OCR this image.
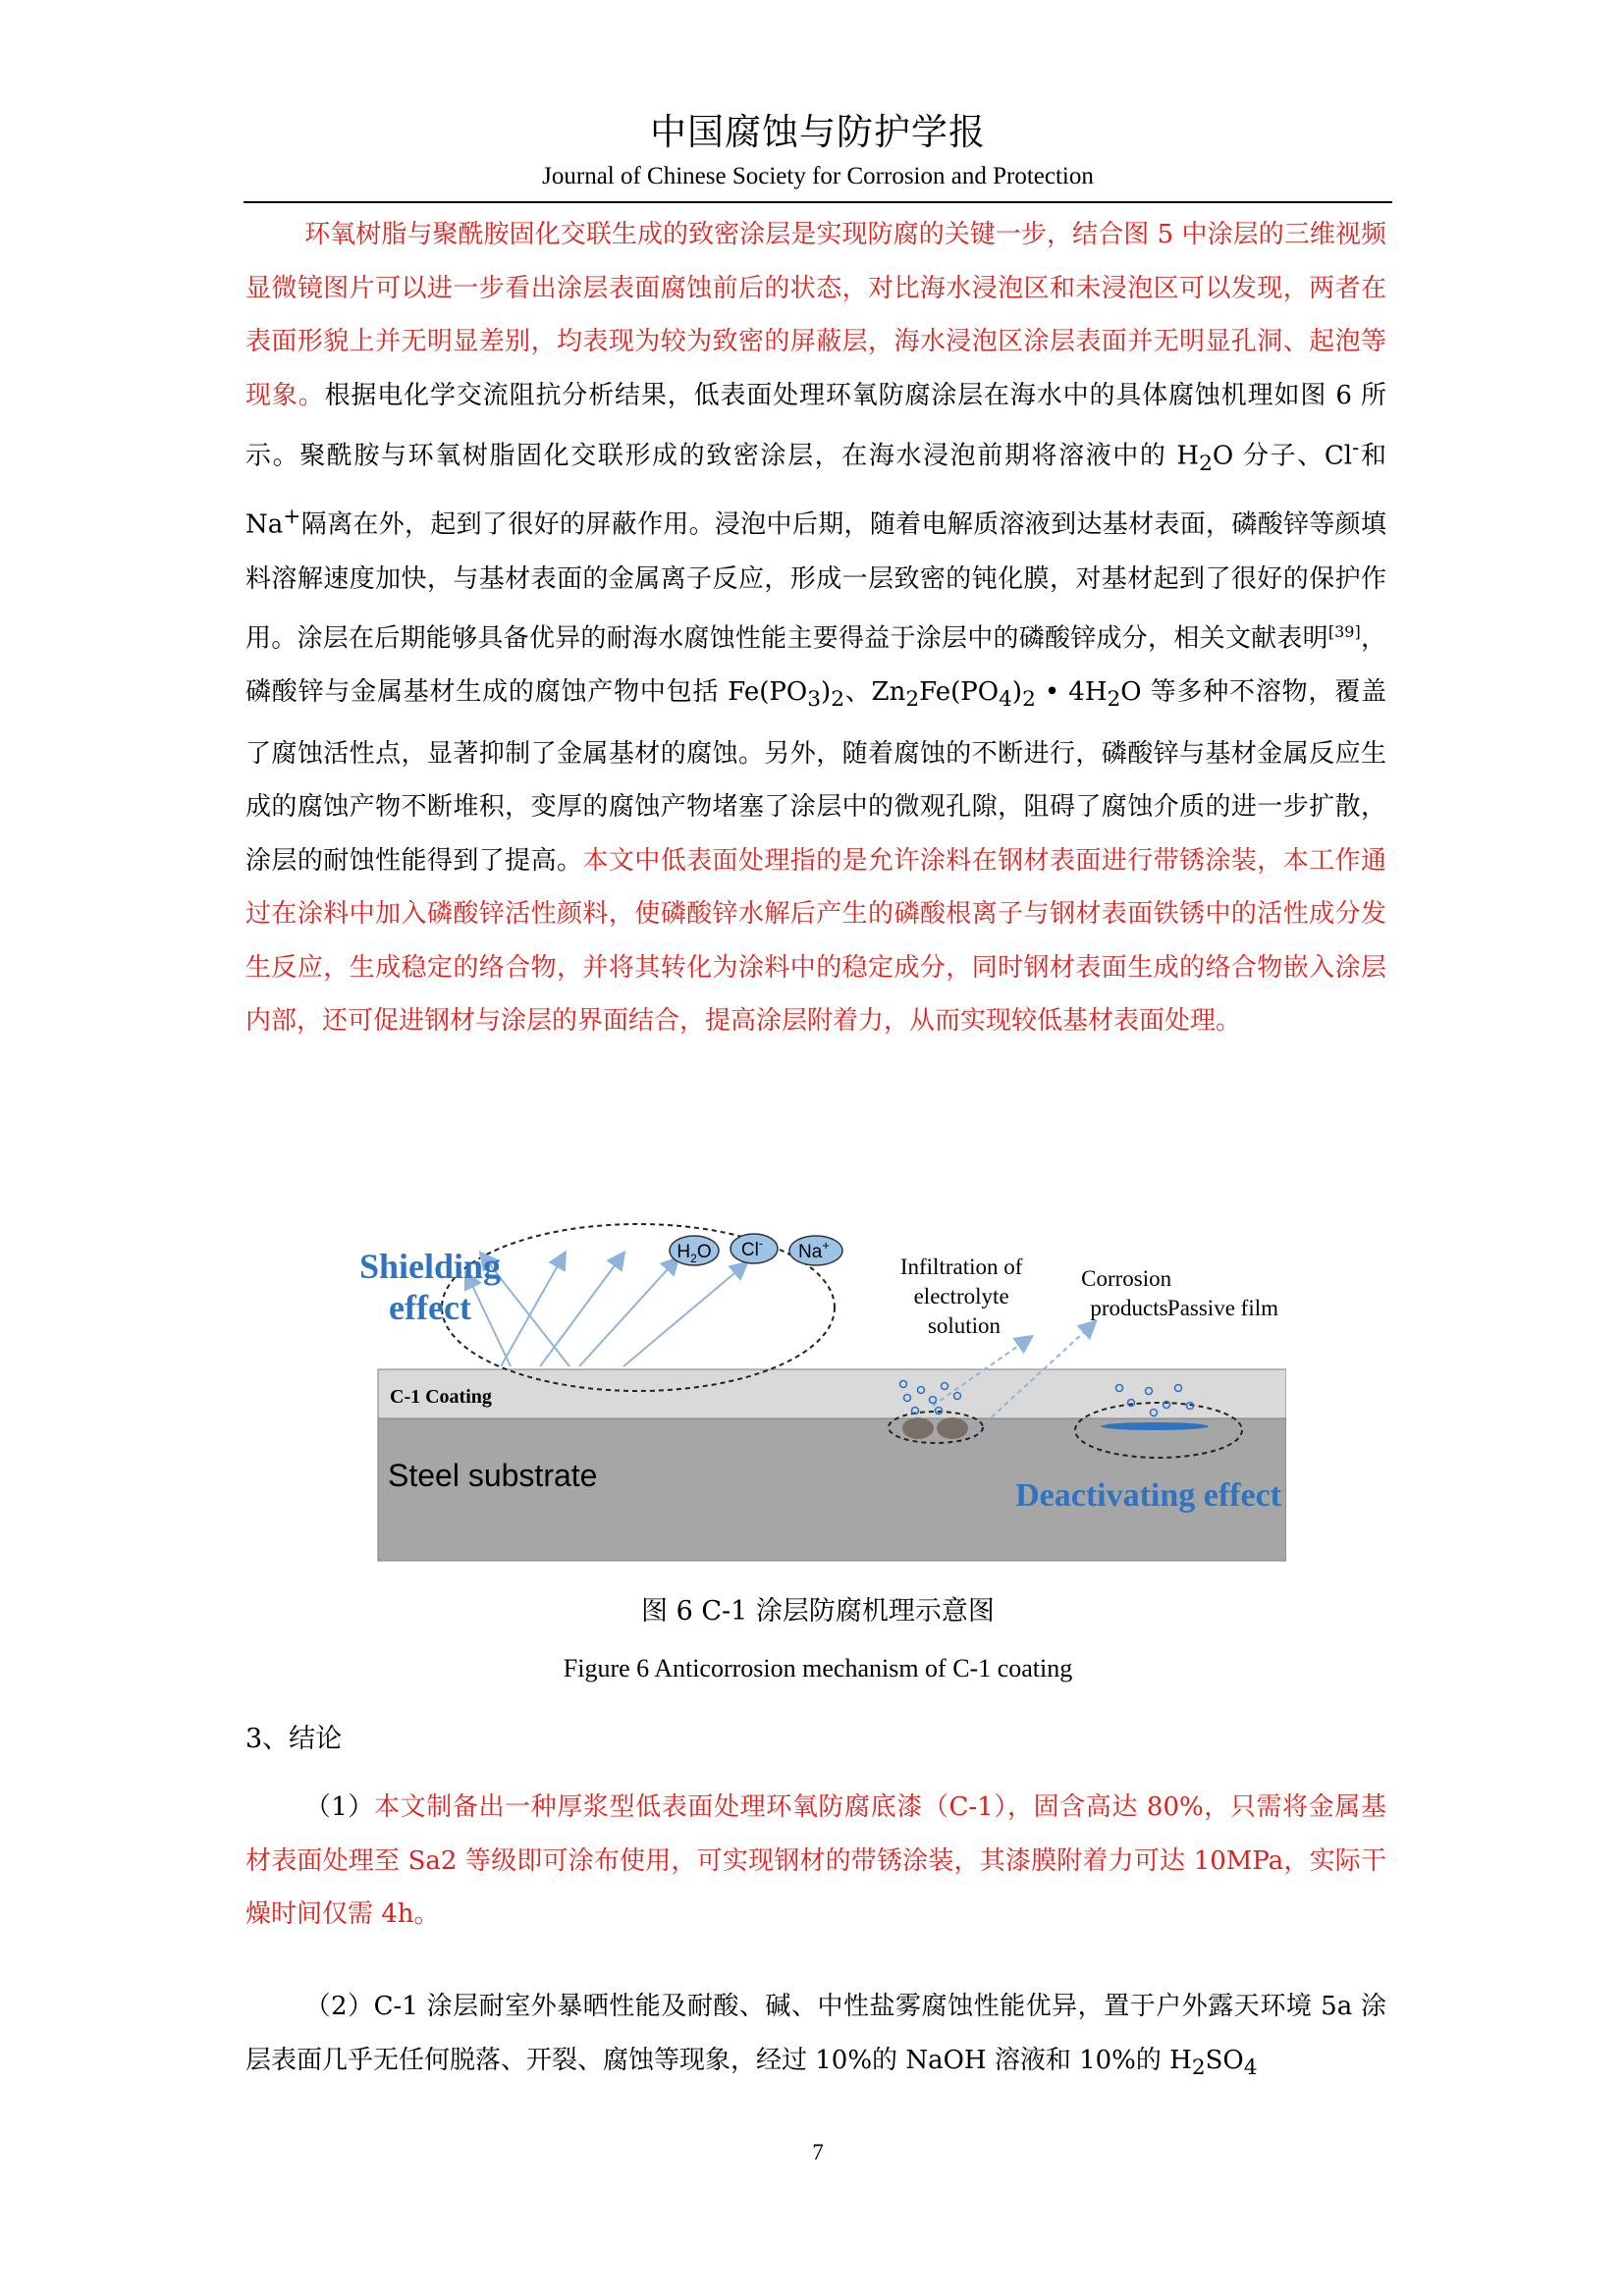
中国腐蚀与防护学报
Journal of Chinese Society for Corrosion and Protection
环氧树脂与聚酰胺固化交联生成的致密涂层是实现防腐的关键一步，结合图 5 中涂层的三维视频显微镜图片可以进一步看出涂层表面腐蚀前后的状态，对比海水浸泡区和未浸泡区可以发现，两者在表面形貌上并无明显差别，均表现为较为致密的屏蔽层，海水浸泡区涂层表面并无明显孔洞、起泡等现象。根据电化学交流阻抗分析结果，低表面处理环氧防腐涂层在海水中的具体腐蚀机理如图 6 所示。聚酰胺与环氧树脂固化交联形成的致密涂层，在海水浸泡前期将溶液中的 $H_2O$ 分子、Cl-和 Na+隔离在外，起到了很好的屏蔽作用。浸泡中后期，随着电解质溶液到达基材表面，磷酸锌等颜填料溶解速度加快，与基材表面的金属离子反应，形成一层致密的钝化膜，对基材起到了很好的保护作用。涂层在后期能够具备优异的耐海水腐蚀性能主要得益于涂层中的磷酸锌成分，相关文献表明[39]，磷酸锌与金属基材生成的腐蚀产物中包括 $Fe(PO_3)_2$、$Zn_2Fe(PO_4)_2$ • $4H_2O$ 等多种不溶物，覆盖了腐蚀活性点，显著抑制了金属基材的腐蚀。另外，随着腐蚀的不断进行，磷酸锌与基材金属反应生成的腐蚀产物不断堆积，变厚的腐蚀产物堵塞了涂层中的微观孔隙，阻碍了腐蚀介质的进一步扩散，涂层的耐蚀性能得到了提高。本文中低表面处理指的是允许涂料在钢材表面进行带锈涂装，本工作通过在涂料中加入磷酸锌活性颜料，使磷酸锌水解后产生的磷酸根离子与钢材表面铁锈中的活性成分发生反应，生成稳定的络合物，并将其转化为涂料中的稳定成分，同时钢材表面生成的络合物嵌入涂层内部，还可促进钢材与涂层的界面结合，提高涂层附着力，从而实现较低基材表面处理。
$H_2O$ Cl- Na+
Shielding
effect
C-1 Coating
Steel substrate
Deactivating effect
Infiltration of electrolyte solution
Corrosion products Passive film
图 6 C-1 涂层防腐机理示意图
Figure 6 Anticorrosion mechanism of C-1 coating
3、结论
（1）本文制备出一种厚浆型低表面处理环氧防腐底漆（C-1），固含高达 80%，只需将金属基材表面处理至 Sa2 等级即可涂布使用，可实现钢材的带锈涂装，其漆膜附着力可达 10MPa，实际干燥时间仅需 4h。
（2）C-1 涂层耐室外暴晒性能及耐酸、碱、中性盐雾腐蚀性能优异，置于户外露天环境 5a 涂层表面几乎无任何脱落、开裂、腐蚀等现象，经过 10%的 NaOH 溶液和 10%的 $H_2SO_4$
7
